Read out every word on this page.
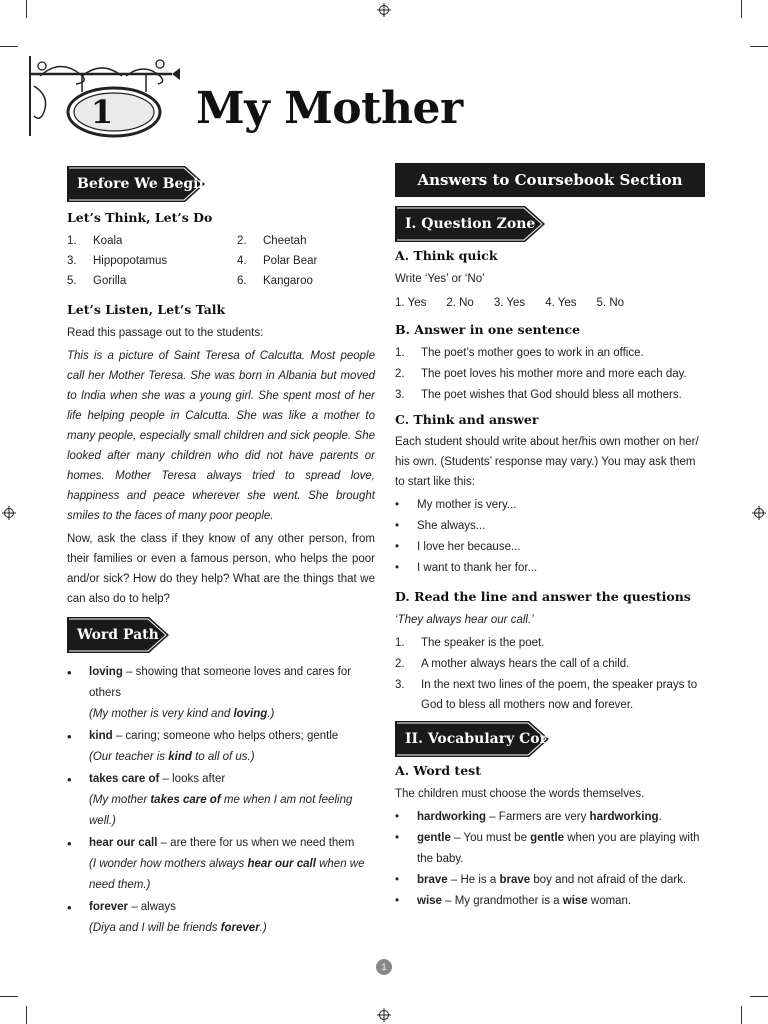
1	My Mother
Before We Begin
Let’s Think, Let’s Do
1.	Koala	2.	Cheetah
3.	Hippopotamus	4.	Polar Bear
5.	Gorilla	6.	Kangaroo
Let’s Listen, Let’s Talk
Read this passage out to the students:
This is a picture of Saint Teresa of Calcutta. Most people call her Mother Teresa. She was born in Albania but moved to India when she was a young girl. She spent most of her life helping people in Calcutta. She was like a mother to many people, especially small children and sick people. She looked after many children who did not have parents or homes. Mother Teresa always tried to spread love, happiness and peace wherever she went. She brought smiles to the faces of many poor people.
Now, ask the class if they know of any other person, from their families or even a famous person, who helps the poor and/or sick? How do they help? What are the things that we can also do to help?
Word Path
•	loving – showing that someone loves and cares for others
(My mother is very kind and loving.)
•	kind – caring; someone who helps others; gentle
(Our teacher is kind to all of us.)
•	takes care of – looks after
(My mother takes care of me when I am not feeling well.)
•	hear our call – are there for us when we need them
(I wonder how mothers always hear our call when we need them.)
•	forever – always
(Diya and I will be friends forever.)
Answers to Coursebook Section
I. Question Zone
A. Think quick
Write ‘Yes’ or ‘No’
1. Yes 2. No 3. Yes 4. Yes 5. No
B. Answer in one sentence
1.	The poet’s mother goes to work in an office.
2.	The poet loves his mother more and more each day.
3.	The poet wishes that God should bless all mothers.
C. Think and answer
Each student should write about her/his own mother on her/ his own. (Students’ response may vary.) You may ask them to start like this:
•	My mother is very...
•	She always...
•	I love her because...
•	I want to thank her for...
D. Read the line and answer the questions
‘They always hear our call.’
1.	The speaker is the poet.
2.	A mother always hears the call of a child.
3.	In the next two lines of the poem, the speaker prays to God to bless all mothers now and forever.
II. Vocabulary Corner
A. Word test
The children must choose the words themselves.
•	hardworking – Farmers are very hardworking.
•	gentle – You must be gentle when you are playing with the baby.
•	brave – He is a brave boy and not afraid of the dark.
•	wise – My grandmother is a wise woman.
1
